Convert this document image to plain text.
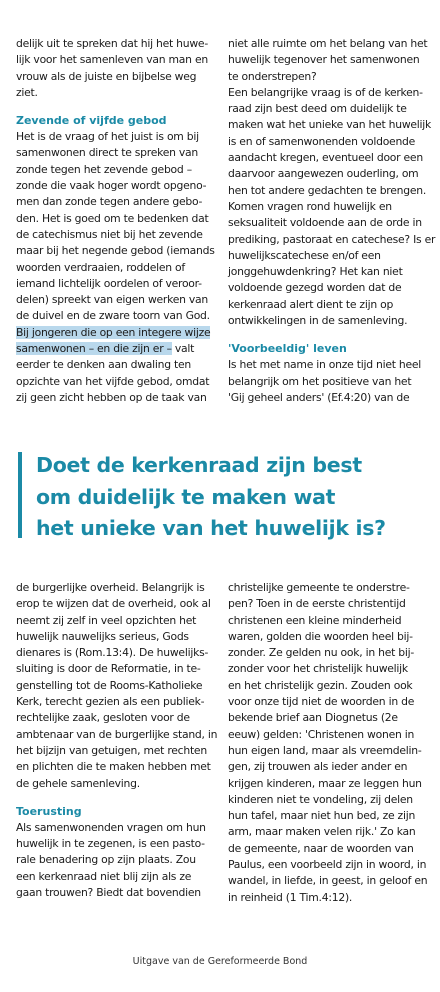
delijk uit te spreken dat hij het huwe-

lijk voor het samenleven van man en

vrouw als de juiste en bijbelse weg

ziet.

Zevende of vijfde gebod

Het is de vraag of het juist is om bij

samenwonen direct te spreken van

zonde tegen het zevende gebod –

zonde die vaak hoger wordt opgeno-

men dan zonde tegen andere gebo-

den. Het is goed om te bedenken dat

de catechismus niet bij het zevende

maar bij het negende gebod (iemands

woorden verdraaien, roddelen of

iemand lichtelijk oordelen of veroor-

delen) spreekt van eigen werken van

de duivel en de zware toorn van God.

Bij jongeren die op een integere wijze

samenwonen – en die zijn er – valt

eerder te denken aan dwaling ten

opzichte van het vijfde gebod, omdat

zij geen zicht hebben op de taak van

niet alle ruimte om het belang van het

huwelijk tegenover het samenwonen

te onderstrepen?

Een belangrijke vraag is of de kerken-

raad zijn best deed om duidelijk te

maken wat het unieke van het huwelijk

is en of samenwonenden voldoende

aandacht kregen, eventueel door een

daarvoor aangewezen ouderling, om

hen tot andere gedachten te brengen.

Komen vragen rond huwelijk en

seksualiteit voldoende aan de orde in

prediking, pastoraat en catechese? Is er

huwelijkscatechese en/of een

jonggehuwdenkring? Het kan niet

voldoende gezegd worden dat de

kerkenraad alert dient te zijn op

ontwikkelingen in de samenleving.

'Voorbeeldig' leven

Is het met name in onze tijd niet heel

belangrijk om het positieve van het

'Gij geheel anders' (Ef.4:20) van de

Doet de kerkenraad zijn best
om duidelijk te maken wat
het unieke van het huwelijk is?

de burgerlijke overheid. Belangrijk is

erop te wijzen dat de overheid, ook al

neemt zij zelf in veel opzichten het

huwelijk nauwelijks serieus, Gods

dienares is (Rom.13:4). De huwelijks-

sluiting is door de Reformatie, in te-

genstelling tot de Rooms-Katholieke

Kerk, terecht gezien als een publiek-

rechtelijke zaak, gesloten voor de

ambtenaar van de burgerlijke stand, in

het bijzijn van getuigen, met rechten

en plichten die te maken hebben met

de gehele samenleving.

Toerusting

Als samenwonenden vragen om hun

huwelijk in te zegenen, is een pasto-

rale benadering op zijn plaats. Zou

een kerkenraad niet blij zijn als ze

gaan trouwen? Biedt dat bovendien

christelijke gemeente te onderstre-

pen? Toen in de eerste christentijd

christenen een kleine minderheid

waren, golden die woorden heel bij-

zonder. Ze gelden nu ook, in het bij-

zonder voor het christelijk huwelijk

en het christelijk gezin. Zouden ook

voor onze tijd niet de woorden in de

bekende brief aan Diognetus (2e

eeuw) gelden: 'Christenen wonen in

hun eigen land, maar als vreemdelin-

gen, zij trouwen als ieder ander en

krijgen kinderen, maar ze leggen hun

kinderen niet te vondeling, zij delen

hun tafel, maar niet hun bed, ze zijn

arm, maar maken velen rijk.' Zo kan

de gemeente, naar de woorden van

Paulus, een voorbeeld zijn in woord, in

wandel, in liefde, in geest, in geloof en

in reinheid (1 Tim.4:12).

Uitgave van de Gereformeerde Bond
